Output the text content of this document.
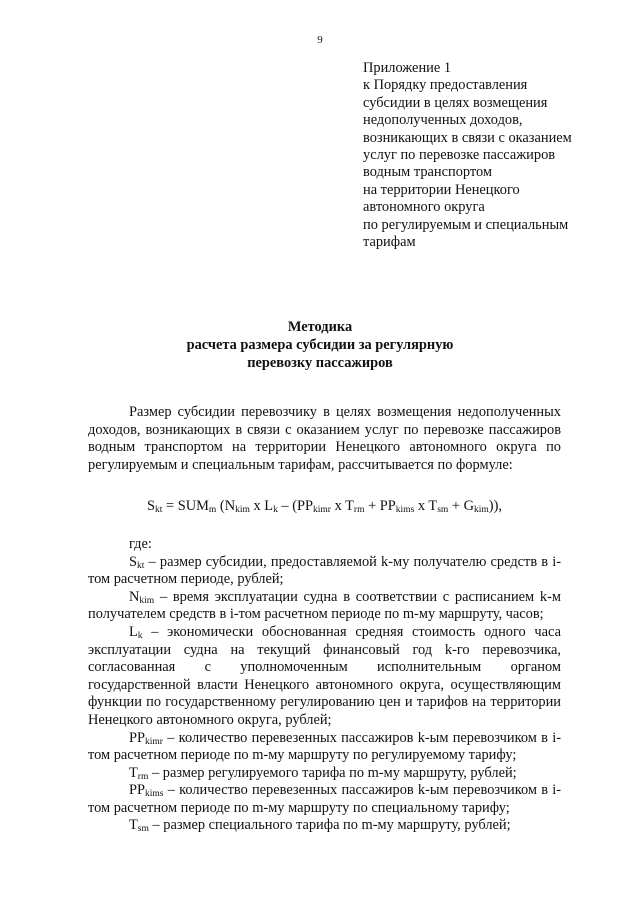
9
Приложение 1
к Порядку предоставления
субсидии в целях возмещения
недополученных доходов,
возникающих в связи с оказанием
услуг по перевозке пассажиров
водным транспортом
на территории Ненецкого
автономного округа
по регулируемым и специальным
тарифам
Методика
расчета размера субсидии за регулярную
перевозку пассажиров

Размер субсидии перевозчику в целях возмещения недополученных доходов, возникающих в связи с оказанием услуг по перевозке пассажиров водным транспортом на территории Ненецкого автономного округа по регулируемым и специальным тарифам, рассчитывается по формуле:

$S_{kt} = SUM_m$ ($N_{kim}$ x $L_k - (PP_{kimr}$ x $T_{rm} + PP_{kims}$ x $T_{sm} + G_{kim}$)),

где:

$S_{kt}$ – размер субсидии, предоставляемой k-му получателю средств в i-том расчетном периоде, рублей;

$N_{kim}$ – время эксплуатации судна в соответствии с расписанием k-м получателем средств в i-том расчетном периоде по m-му маршруту, часов;

$L_k$ – экономически обоснованная средняя стоимость одного часа эксплуатации судна на текущий финансовый год k-го перевозчика, согласованная с уполномоченным исполнительным органом государственной власти Ненецкого автономного округа, осуществляющим функции по государственному регулированию цен и тарифов на территории Ненецкого автономного округа, рублей;

$PP_{kimr}$ – количество перевезенных пассажиров k-ым перевозчиком в i-том расчетном периоде по m-му маршруту по регулируемому тарифу;

$T_{rm}$ – размер регулируемого тарифа по m-му маршруту, рублей;

$PP_{kims}$ – количество перевезенных пассажиров k-ым перевозчиком в i-том расчетном периоде по m-му маршруту по специальному тарифу;

$T_{sm}$ – размер специального тарифа по m-му маршруту, рублей;
